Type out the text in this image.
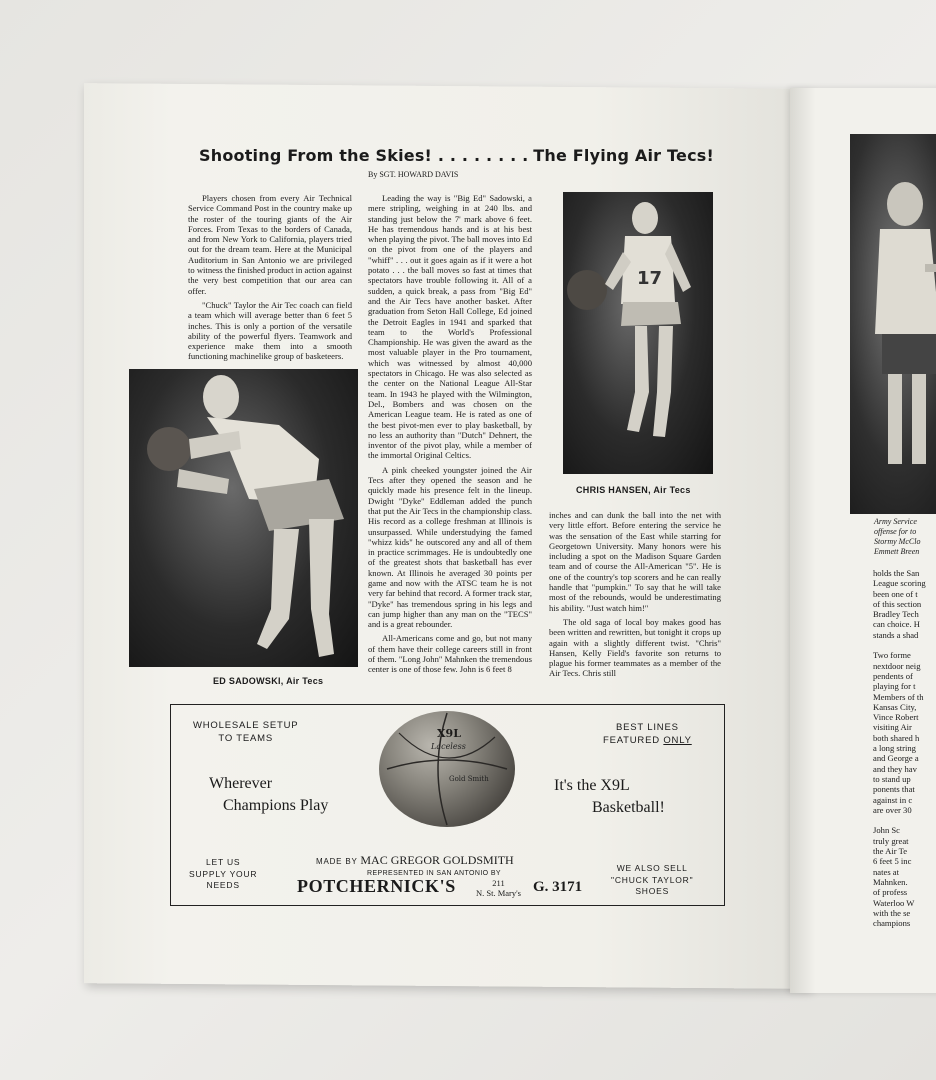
Shooting From the Skies! . . . . . . . . The Flying Air Tecs!
By SGT. HOWARD DAVIS

Players chosen from every Air Technical Service Command Post in the country make up the roster of the touring giants of the Air Forces. From Texas to the borders of Canada, and from New York to California, players tried out for the dream team. Here at the Municipal Auditorium in San Antonio we are privileged to witness the finished product in action against the very best competition that our area can offer.

"Chuck" Taylor the Air Tec coach can field a team which will average better than 6 feet 5 inches. This is only a portion of the versatile ability of the powerful flyers. Teamwork and experience make them into a smooth functioning machinelike group of basketeers.

ED SADOWSKI, Air Tecs

Leading the way is "Big Ed" Sadowski, a mere stripling, weighing in at 240 lbs. and standing just below the 7' mark above 6 feet. He has tremendous hands and is at his best when playing the pivot. The ball moves into Ed on the pivot from one of the players and "whiff" . . . out it goes again as if it were a hot potato . . . the ball moves so fast at times that spectators have trouble following it. All of a sudden, a quick break, a pass from "Big Ed" and the Air Tecs have another basket. After graduation from Seton Hall College, Ed joined the Detroit Eagles in 1941 and sparked that team to the World's Professional Championship. He was given the award as the most valuable player in the Pro tournament, which was witnessed by almost 40,000 spectators in Chicago. He was also selected as the center on the National League All-Star team. In 1943 he played with the Wilmington, Del., Bombers and was chosen on the American League team. He is rated as one of the best pivot-men ever to play basketball, by no less an authority than "Dutch" Dehnert, the inventor of the pivot play, while a member of the immortal Original Celtics.

A pink cheeked youngster joined the Air Tecs after they opened the season and he quickly made his presence felt in the lineup. Dwight "Dyke" Eddleman added the punch that put the Air Tecs in the championship class. His record as a college freshman at Illinois is unsurpassed. While understudying the famed "whizz kids" he outscored any and all of them in practice scrimmages. He is undoubtedly one of the greatest shots that basketball has ever known. At Illinois he averaged 30 points per game and now with the ATSC team he is not very far behind that record. A former track star, "Dyke" has tremendous spring in his legs and can jump higher than any man on the "TECS" and is a great rebounder.

All-Americans come and go, but not many of them have their college careers still in front of them. "Long John" Mahnken the tremendous center is one of those few. John is 6 feet 8

17
CHRIS HANSEN, Air Tecs

inches and can dunk the ball into the net with very little effort. Before entering the service he was the sensation of the East while starring for Georgetown University. Many honors were his including a spot on the Madison Square Garden team and of course the All-American "5". He is one of the country's top scorers and he can really handle that "pumpkin." To say that he will take most of the rebounds, would be underestimating his ability. "Just watch him!"

The old saga of local boy makes good has been written and rewritten, but tonight it crops up again with a slightly different twist. "Chris" Hansen, Kelly Field's favorite son returns to plague his former teammates as a member of the Air Tecs. Chris still

WHOLESALE SETUP
TO TEAMS
BEST LINES
FEATURED ONLY
Wherever
Champions Play
It's the X9L
Basketball!
X9L
Laceless
Gold Smith
LET US
SUPPLY YOUR
NEEDS
WE ALSO SELL
"CHUCK TAYLOR"
SHOES
MADE BY MAC GREGOR GOLDSMITH
REPRESENTED IN SAN ANTONIO BY
POTCHERNICK'S	211
N. St. Mary's G. 3171
Army Service
offense for to
Stormy McClo
Emmett Breen
holds the San
League scoring
been one of t
of this section
Bradley Tech
can choice. H
stands a shad
Two forme
nextdoor neig
pendents of
playing for t
Members of th
Kansas City,
Vince Robert
visiting Air
both shared h
a long string
and George a
and they hav
to stand up
ponents that
against in c
are over 30
John Sc
truly great
the Air Te
6 feet 5 inc
nates at
Mahnken.
of profess
Waterloo W
with the se
champions
